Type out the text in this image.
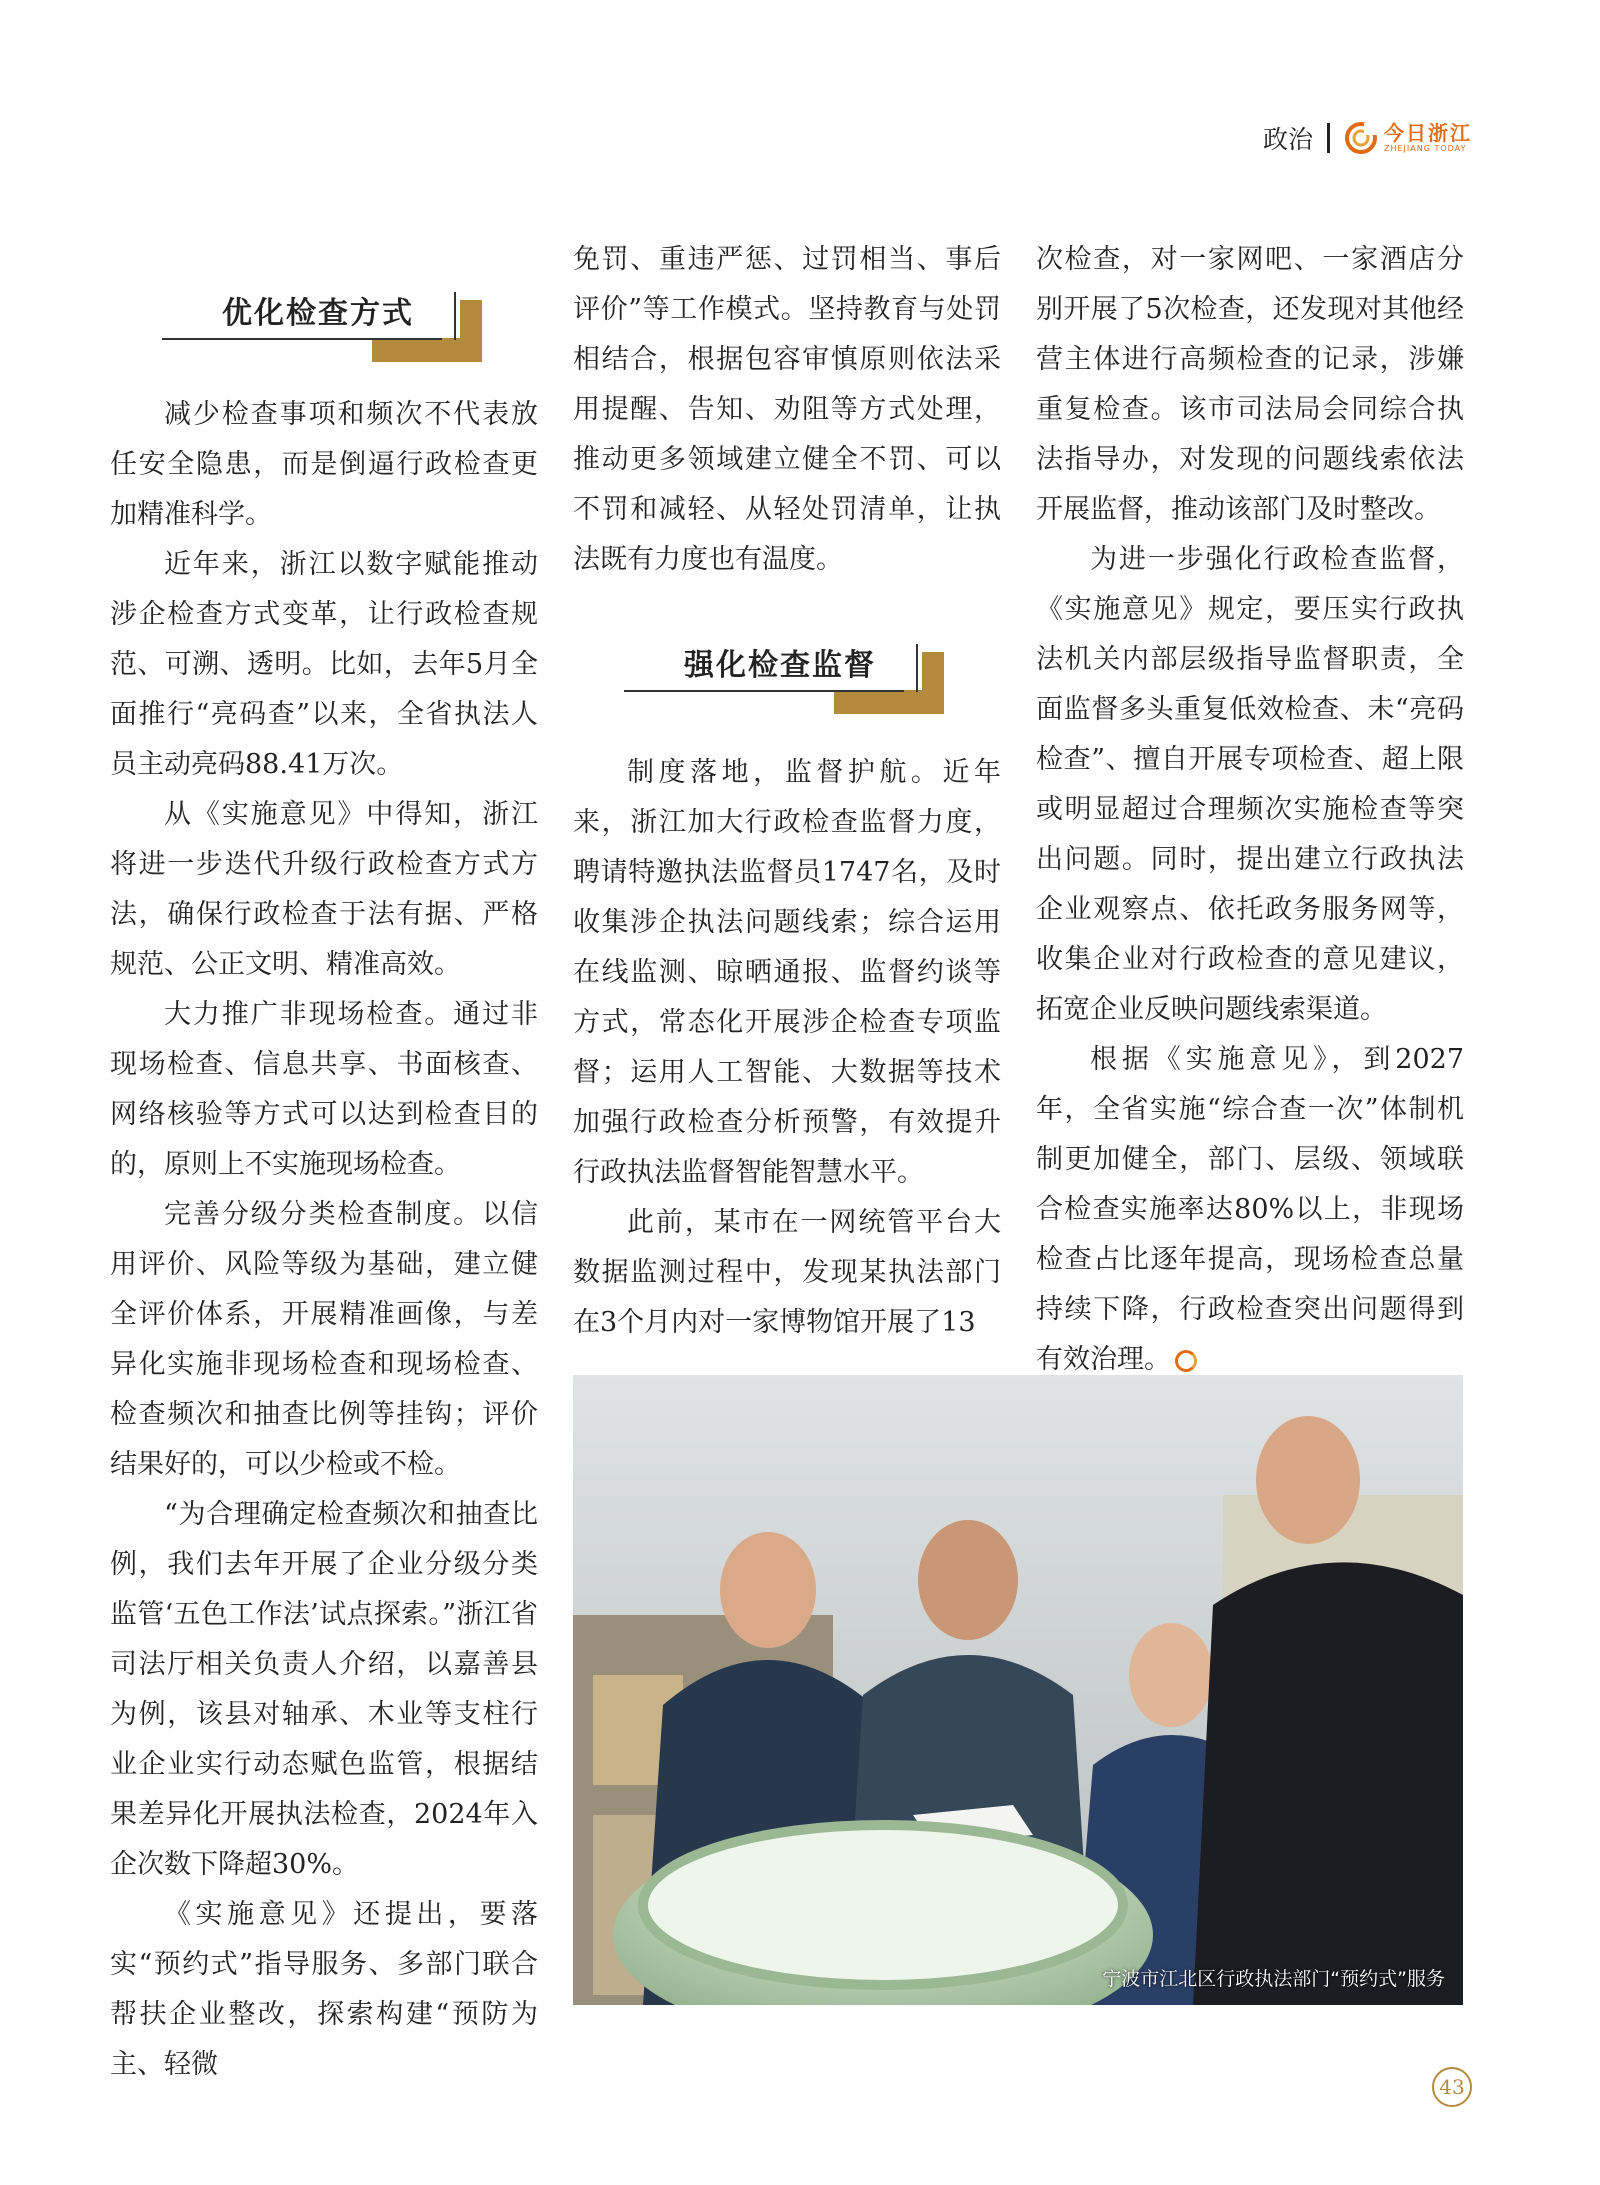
政治	今日浙江
ZHEJIANG TODAY
优化检查方式

减少检查事项和频次不代表放任安全隐患，而是倒逼行政检查更加精准科学。

近年来，浙江以数字赋能推动涉企检查方式变革，让行政检查规范、可溯、透明。比如，去年5月全面推行“亮码查”以来，全省执法人员主动亮码88.41万次。

从《实施意见》中得知，浙江将进一步迭代升级行政检查方式方法，确保行政检查于法有据、严格规范、公正文明、精准高效。

大力推广非现场检查。通过非现场检查、信息共享、书面核查、网络核验等方式可以达到检查目的的，原则上不实施现场检查。

完善分级分类检查制度。以信用评价、风险等级为基础，建立健全评价体系，开展精准画像，与差异化实施非现场检查和现场检查、检查频次和抽查比例等挂钩；评价结果好的，可以少检或不检。

“为合理确定检查频次和抽查比例，我们去年开展了企业分级分类监管‘五色工作法’试点探索。”浙江省司法厅相关负责人介绍，以嘉善县为例，该县对轴承、木业等支柱行业企业实行动态赋色监管，根据结果差异化开展执法检查，2024年入企次数下降超30%。

《实施意见》还提出，要落实“预约式”指导服务、多部门联合帮扶企业整改，探索构建“预防为主、轻微

免罚、重违严惩、过罚相当、事后评价”等工作模式。坚持教育与处罚相结合，根据包容审慎原则依法采用提醒、告知、劝阻等方式处理，推动更多领域建立健全不罚、可以不罚和减轻、从轻处罚清单，让执法既有力度也有温度。

强化检查监督

制度落地，监督护航。近年来，浙江加大行政检查监督力度，聘请特邀执法监督员1747名，及时收集涉企执法问题线索；综合运用在线监测、晾晒通报、监督约谈等方式，常态化开展涉企检查专项监督；运用人工智能、大数据等技术加强行政检查分析预警，有效提升行政执法监督智能智慧水平。

此前，某市在一网统管平台大数据监测过程中，发现某执法部门在3个月内对一家博物馆开展了13

次检查，对一家网吧、一家酒店分别开展了5次检查，还发现对其他经营主体进行高频检查的记录，涉嫌重复检查。该市司法局会同综合执法指导办，对发现的问题线索依法开展监督，推动该部门及时整改。

为进一步强化行政检查监督，《实施意见》规定，要压实行政执法机关内部层级指导监督职责，全面监督多头重复低效检查、未“亮码检查”、擅自开展专项检查、超上限或明显超过合理频次实施检查等突出问题。同时，提出建立行政执法企业观察点、依托政务服务网等，收集企业对行政检查的意见建议，拓宽企业反映问题线索渠道。

根据《实施意见》，到2027年，全省实施“综合查一次”体制机制更加健全，部门、层级、领域联合检查实施率达80%以上，非现场检查占比逐年提高，现场检查总量持续下降，行政检查突出问题得到有效治理。

宁波市江北区行政执法部门“预约式”服务
43
